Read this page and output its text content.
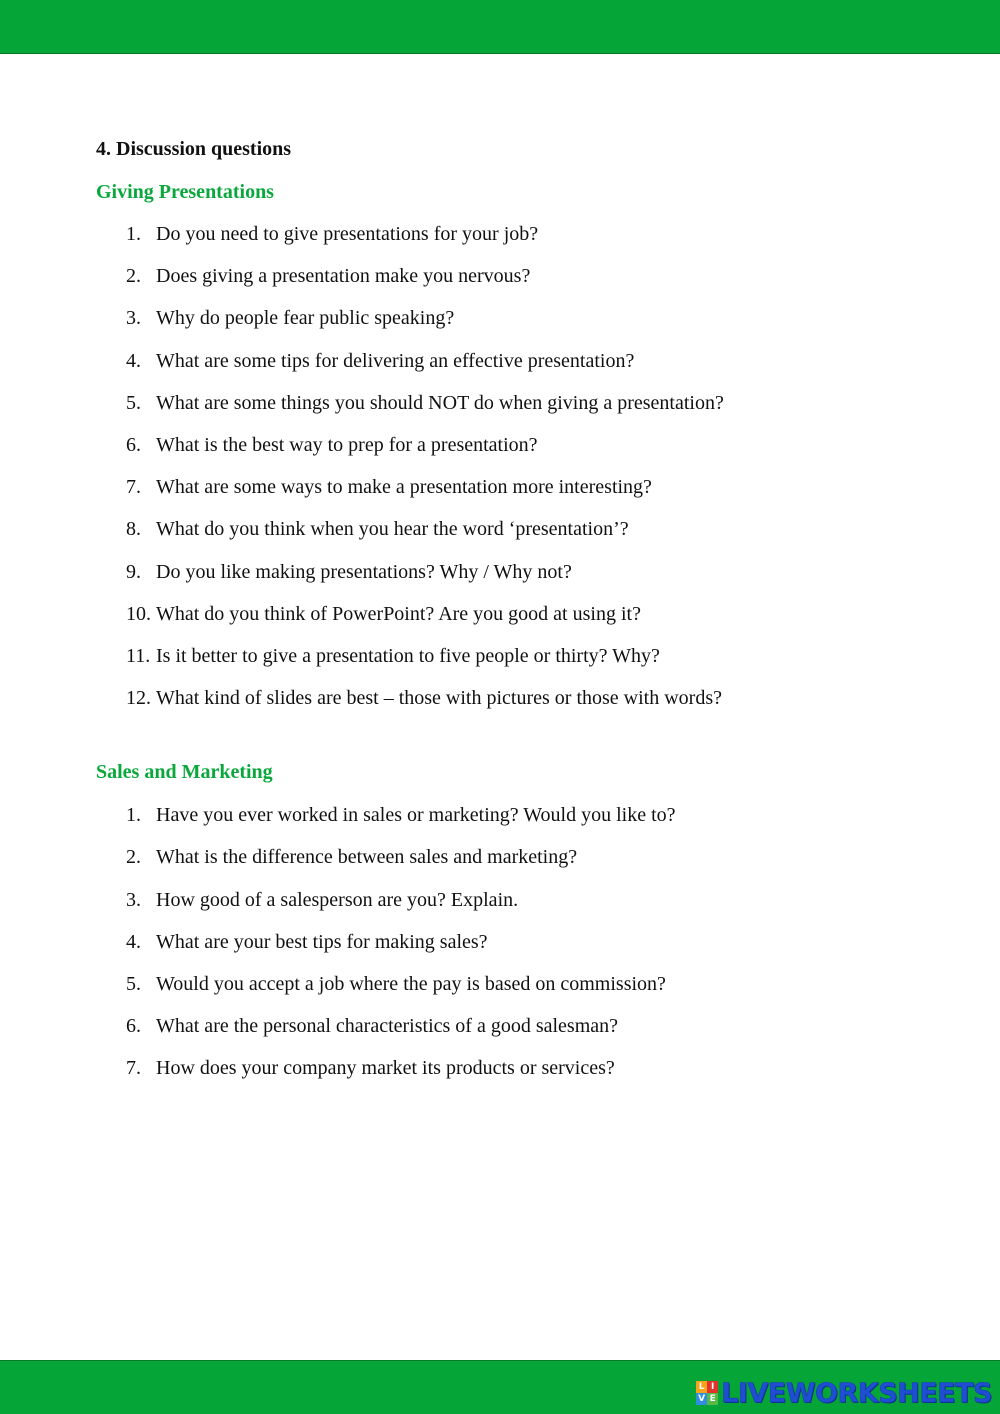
4. Discussion questions
Giving Presentations
1. Do you need to give presentations for your job?
2. Does giving a presentation make you nervous?
3. Why do people fear public speaking?
4. What are some tips for delivering an effective presentation?
5. What are some things you should NOT do when giving a presentation?
6. What is the best way to prep for a presentation?
7. What are some ways to make a presentation more interesting?
8. What do you think when you hear the word ‘presentation’?
9. Do you like making presentations? Why / Why not?
10. What do you think of PowerPoint? Are you good at using it?
11. Is it better to give a presentation to five people or thirty? Why?
12. What kind of slides are best – those with pictures or those with words?
Sales and Marketing
1. Have you ever worked in sales or marketing? Would you like to?
2. What is the difference between sales and marketing?
3. How good of a salesperson are you? Explain.
4. What are your best tips for making sales?
5. Would you accept a job where the pay is based on commission?
6. What are the personal characteristics of a good salesman?
7. How does your company market its products or services?
L I
V E LIVEWORKSHEETS
